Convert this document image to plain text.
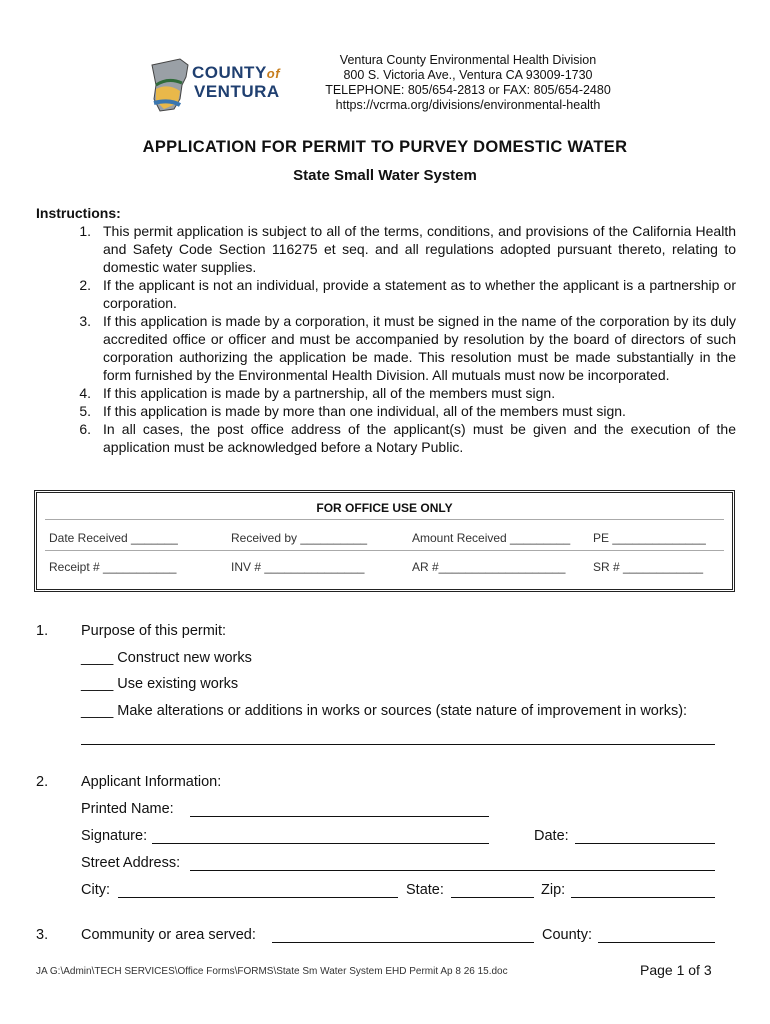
COUNTYof
VENTURA
Ventura County Environmental Health Division
800 S. Victoria Ave., Ventura CA 93009-1730
TELEPHONE: 805/654-2813 or FAX: 805/654-2480
https://vcrma.org/divisions/environmental-health
APPLICATION FOR PERMIT TO PURVEY DOMESTIC WATER
State Small Water System
Instructions:
1. This permit application is subject to all of the terms, conditions, and provisions of the California Health and Safety Code Section 116275 et seq. and all regulations adopted pursuant thereto, relating to domestic water supplies.
2. If the applicant is not an individual, provide a statement as to whether the applicant is a partnership or corporation.
3. If this application is made by a corporation, it must be signed in the name of the corporation by its duly accredited office or officer and must be accompanied by resolution by the board of directors of such corporation authorizing the application be made. This resolution must be made substantially in the form furnished by the Environmental Health Division. All mutuals must now be incorporated.
4. If this application is made by a partnership, all of the members must sign.
5. If this application is made by more than one individual, all of the members must sign.
6. In all cases, the post office address of the applicant(s) must be given and the execution of the application must be acknowledged before a Notary Public.
FOR OFFICE USE ONLY
Date Received _______	Received by __________	Amount Received _________ PE ______________
Receipt # ___________	INV # _______________	AR #___________________ SR # ____________
1. Purpose of this permit:
____ Construct new works
____ Use existing works
____ Make alterations or additions in works or sources (state nature of improvement in works):
2. Applicant Information:
Printed Name:
Signature:	Date:
Street Address:
City:	State:	Zip:
3. Community or area served:	County:
JA G:\Admin\TECH SERVICES\Office Forms\FORMS\State Sm Water System EHD Permit Ap 8 26 15.doc	Page 1 of 3
